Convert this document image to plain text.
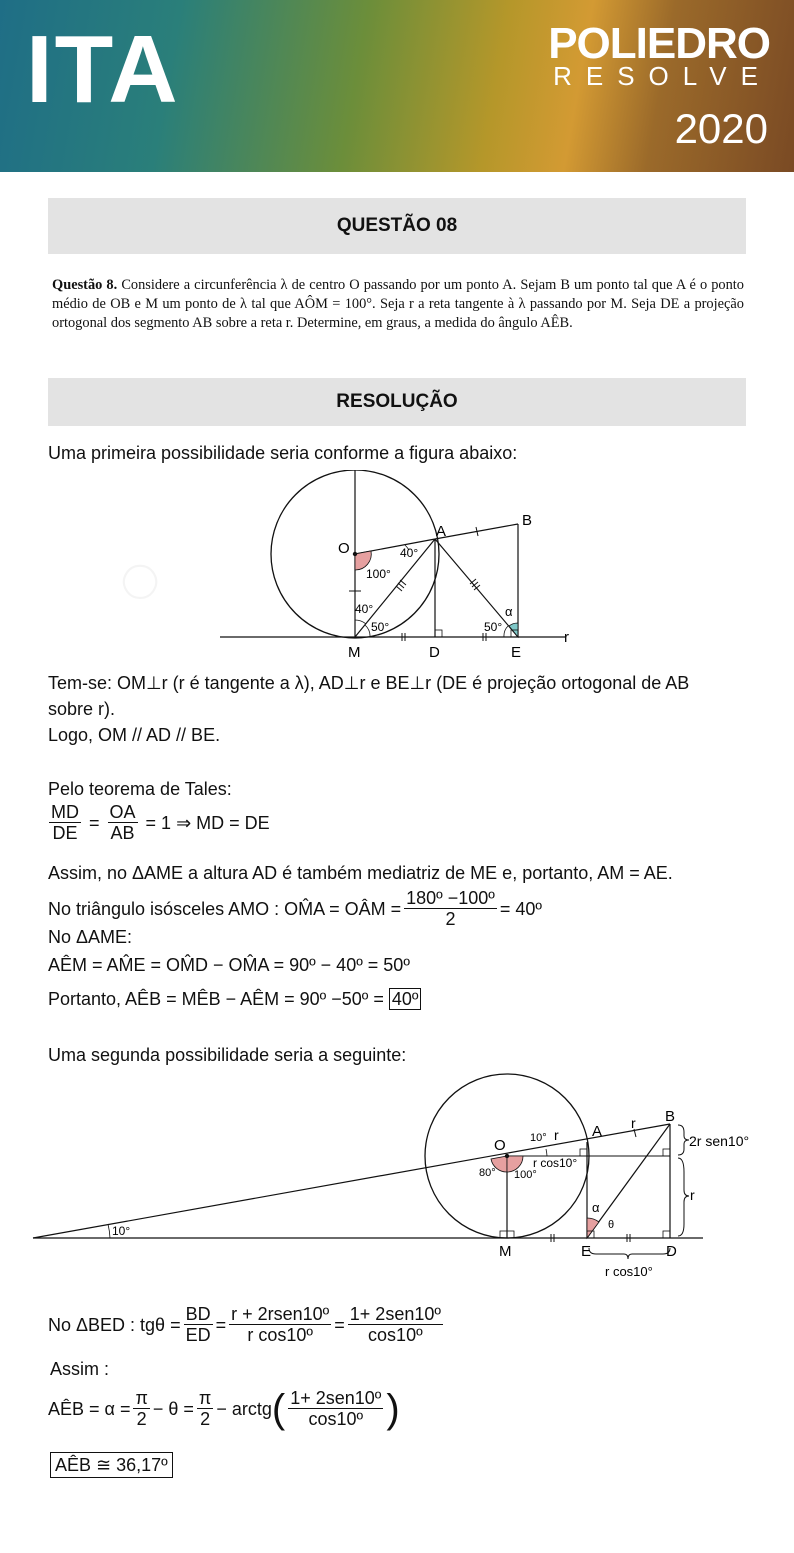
◯
ITA	POLIEDRO
RESOLVE
2020
QUESTÃO 08
Questão 8. Considere a circunferência λ de centro O passando por um ponto A. Sejam B um ponto tal que A é o ponto médio de OB e M um ponto de λ tal que AÔM = 100°. Seja r a reta tangente à λ passando por M. Seja DE a projeção ortogonal dos segmento AB sobre a reta r. Determine, em graus, a medida do ângulo AÊB.
RESOLUÇÃO
Uma primeira possibilidade seria conforme a figura abaixo:
O
A
B
M	D	E
r
40°
100°
40°
50°	50°
α
Tem-se: OM⊥r (r é tangente a λ), AD⊥r e BE⊥r (DE é projeção ortogonal de AB
sobre r).
Logo, OM // AD // BE.
Pelo teorema de Tales:
$\frac{MD}{DE} = \frac{OA}{AB}$
= 1 ⇒ MD = DE
Assim, no ΔAME a altura AD é também mediatriz de ME e, portanto, AM = AE.
No triângulo isósceles AMO : OM̂A = OÂM = $\frac{\text{180º −100º}}{2}$ = 40º
No ΔAME:
AÊM = AM̂E = OM̂D − OM̂A = 90º − 40º = 50º
Portanto, AÊB = MÊB − AÊM = 90º −50º = 40º
Uma segunda possibilidade seria a seguinte:
O
A
B
M	E	D
r
r
r
10°
10°
80° 100°
r cos10°
r cos10°
2r sen10°
α
θ
No ΔBED : $tg\theta = \frac{BD}{ED} = \frac{\text{r + 2rsen10º}}{\text{r cos10º}} = \frac{\text{1+ 2sen10º}}{\text{cos10º}}$
Assim :
AÊB = $\alpha = \frac{\pi}{2} - \theta = \frac{\pi}{2}$ − arctg ( $\frac{\text{1+ 2sen10º}}{\text{cos10º}}$ )
AÊB ≅ 36,17º
